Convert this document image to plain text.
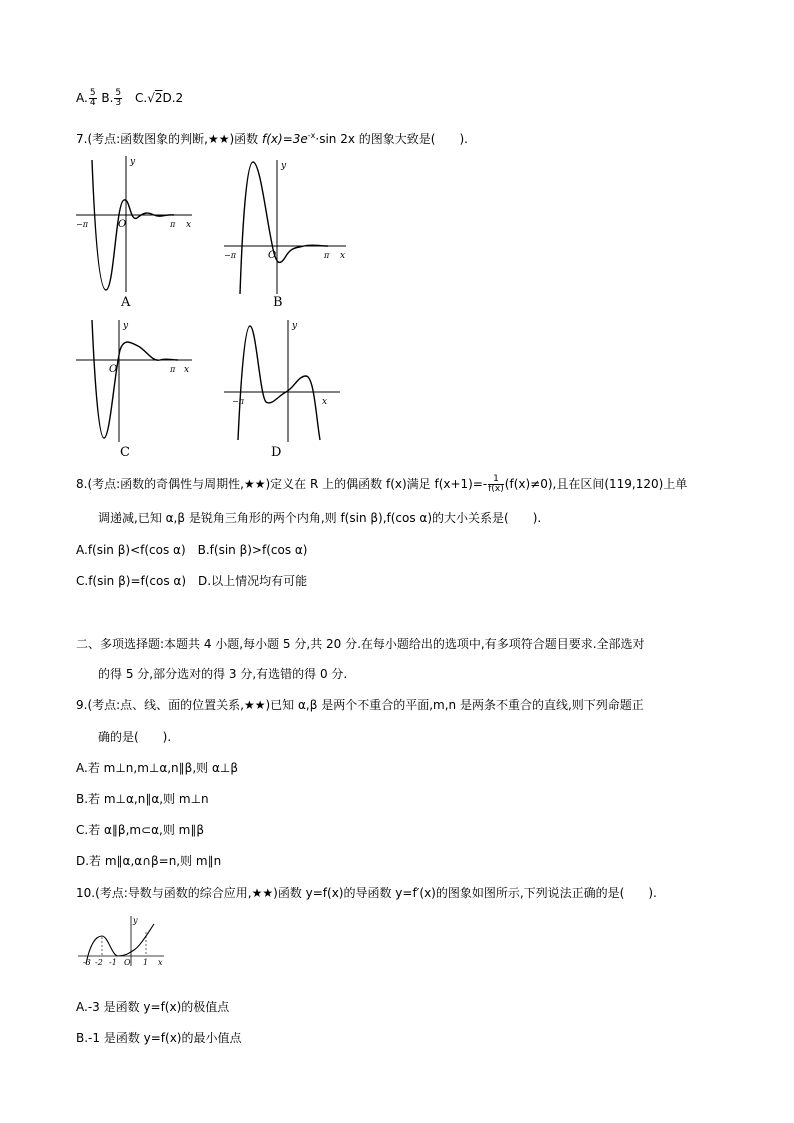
A. $\frac{5}{4} B$. $\frac{5}{3} C.√2D.2$
7.(考点:函数图象的判断,★★)函数 $f(x)=3e^{-x}\cdot\sin$ 2x 的图象大致是(　　).
y
x
O
−π	π
A
y
x
O
−π	π
B
y
x
O	π
C
y
x
−π
D
8.(考点:函数的奇偶性与周期性,★★)定义在 R 上的偶函数 f(x)满足 $f(x+1)=- \frac{1}{f(x)} (f(x)\ne 0)$,且在区间(119,120)上单
调递减,已知 α,β 是锐角三角形的两个内角,则 f(sin β),f(cos α)的大小关系是(　　).
A.f(sin β)<f(cos α) B.f(sin β)>f(cos α)
C.f(sin β)=f(cos α) D.以上情况均有可能
二、多项选择题:本题共 4 小题,每小题 5 分,共 20 分.在每小题给出的选项中,有多项符合题目要求.全部选对
的得 5 分,部分选对的得 3 分,有选错的得 0 分.
9.(考点:点、线、面的位置关系,★★)已知 α,β 是两个不重合的平面,m,n 是两条不重合的直线,则下列命题正
确的是(　　).
A.若 m⊥n,m⊥α,n∥β,则 α⊥β
B.若 m⊥α,n∥α,则 m⊥n
C.若 α∥β,m⊂α,则 m∥β
D.若 m∥α,α∩β=n,则 m∥n
10.(考点:导数与函数的综合应用,★★)函数 y=f(x)的导函数 y=f′(x)的图象如图所示,下列说法正确的是(　　).
y
x
-3 -2 -1 O 1
A.-3 是函数 y=f(x)的极值点
B.-1 是函数 y=f(x)的最小值点
